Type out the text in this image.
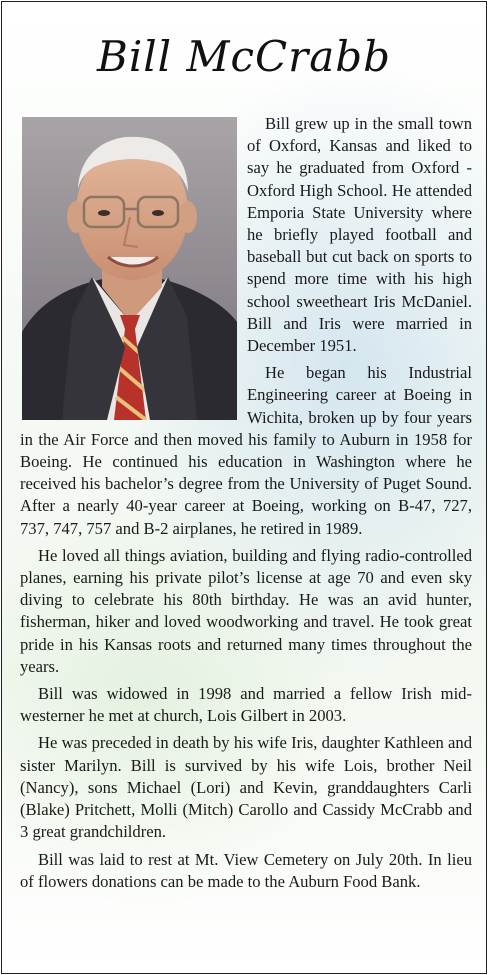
Bill McCrabb

Bill grew up in the small town of Oxford, Kansas and liked to say he graduated from Oxford - Oxford High School. He attended Emporia State University where he briefly played football and baseball but cut back on sports to spend more time with his high school sweetheart Iris McDaniel. Bill and Iris were married in December 1951.

He began his Industrial Engineering career at Boeing in Wichita, broken up by four years in the Air Force and then moved his family to Auburn in 1958 for Boeing. He continued his education in Washington where he received his bachelor’s degree from the University of Puget Sound. After a nearly 40-year career at Boeing, working on B-47, 727, 737, 747, 757 and B-2 airplanes, he retired in 1989.

He loved all things aviation, building and flying radio-controlled planes, earning his private pilot’s license at age 70 and even sky diving to celebrate his 80th birthday. He was an avid hunter, fisherman, hiker and loved woodworking and travel. He took great pride in his Kansas roots and returned many times throughout the years.

Bill was widowed in 1998 and married a fellow Irish mid-westerner he met at church, Lois Gilbert in 2003.

He was preceded in death by his wife Iris, daughter Kathleen and sister Marilyn. Bill is survived by his wife Lois, brother Neil (Nancy), sons Michael (Lori) and Kevin, granddaughters Carli (Blake) Pritchett, Molli (Mitch) Carollo and Cassidy McCrabb and 3 great grandchildren.

Bill was laid to rest at Mt. View Cemetery on July 20th. In lieu of flowers donations can be made to the Auburn Food Bank.
